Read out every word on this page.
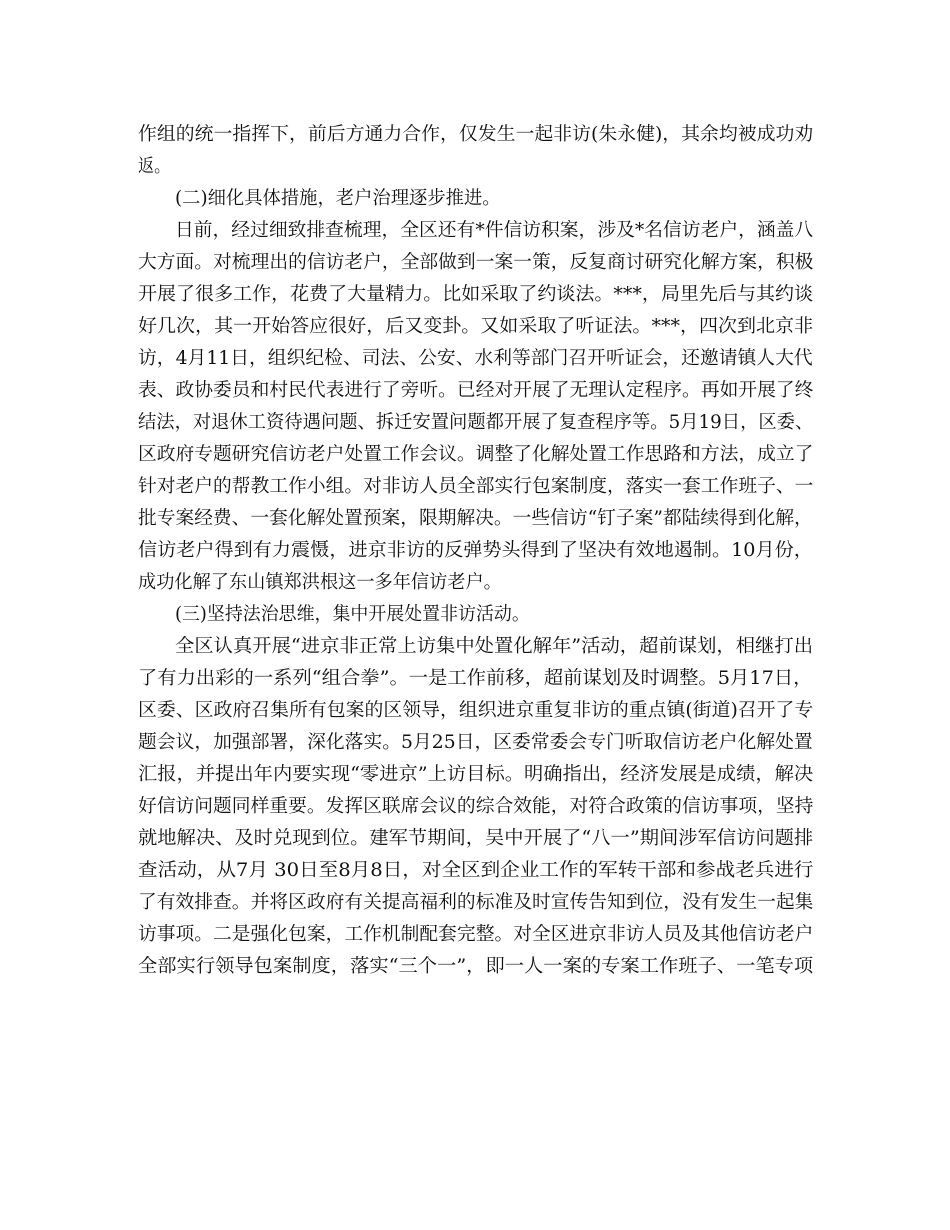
作组的统一指挥下，前后方通力合作，仅发生一起非访(朱永健)，其余均被成功劝
返。
(二)细化具体措施，老户治理逐步推进。
日前，经过细致排查梳理，全区还有*件信访积案，涉及*名信访老户，涵盖八
大方面。对梳理出的信访老户，全部做到一案一策，反复商讨研究化解方案，积极
开展了很多工作，花费了大量精力。比如采取了约谈法。***，局里先后与其约谈
好几次，其一开始答应很好，后又变卦。又如采取了听证法。***，四次到北京非
访，4月11日，组织纪检、司法、公安、水利等部门召开听证会，还邀请镇人大代
表、政协委员和村民代表进行了旁听。已经对开展了无理认定程序。再如开展了终
结法，对退休工资待遇问题、拆迁安置问题都开展了复查程序等。5月19日，区委、
区政府专题研究信访老户处置工作会议。调整了化解处置工作思路和方法，成立了
针对老户的帮教工作小组。对非访人员全部实行包案制度，落实一套工作班子、一
批专案经费、一套化解处置预案，限期解决。一些信访“钉子案”都陆续得到化解，
信访老户得到有力震慑，进京非访的反弹势头得到了坚决有效地遏制。10月份，
成功化解了东山镇郑洪根这一多年信访老户。
(三)坚持法治思维，集中开展处置非访活动。
全区认真开展“进京非正常上访集中处置化解年”活动，超前谋划，相继打出
了有力出彩的一系列“组合拳”。一是工作前移，超前谋划及时调整。5月17日，
区委、区政府召集所有包案的区领导，组织进京重复非访的重点镇(街道)召开了专
题会议，加强部署，深化落实。5月25日，区委常委会专门听取信访老户化解处置
汇报，并提出年内要实现“零进京”上访目标。明确指出，经济发展是成绩，解决
好信访问题同样重要。发挥区联席会议的综合效能，对符合政策的信访事项，坚持
就地解决、及时兑现到位。建军节期间，吴中开展了“八一”期间涉军信访问题排
查活动，从7月 30日至8月8日，对全区到企业工作的军转干部和参战老兵进行
了有效排查。并将区政府有关提高福利的标准及时宣传告知到位，没有发生一起集
访事项。二是强化包案，工作机制配套完整。对全区进京非访人员及其他信访老户
全部实行领导包案制度，落实“三个一”，即一人一案的专案工作班子、一笔专项
